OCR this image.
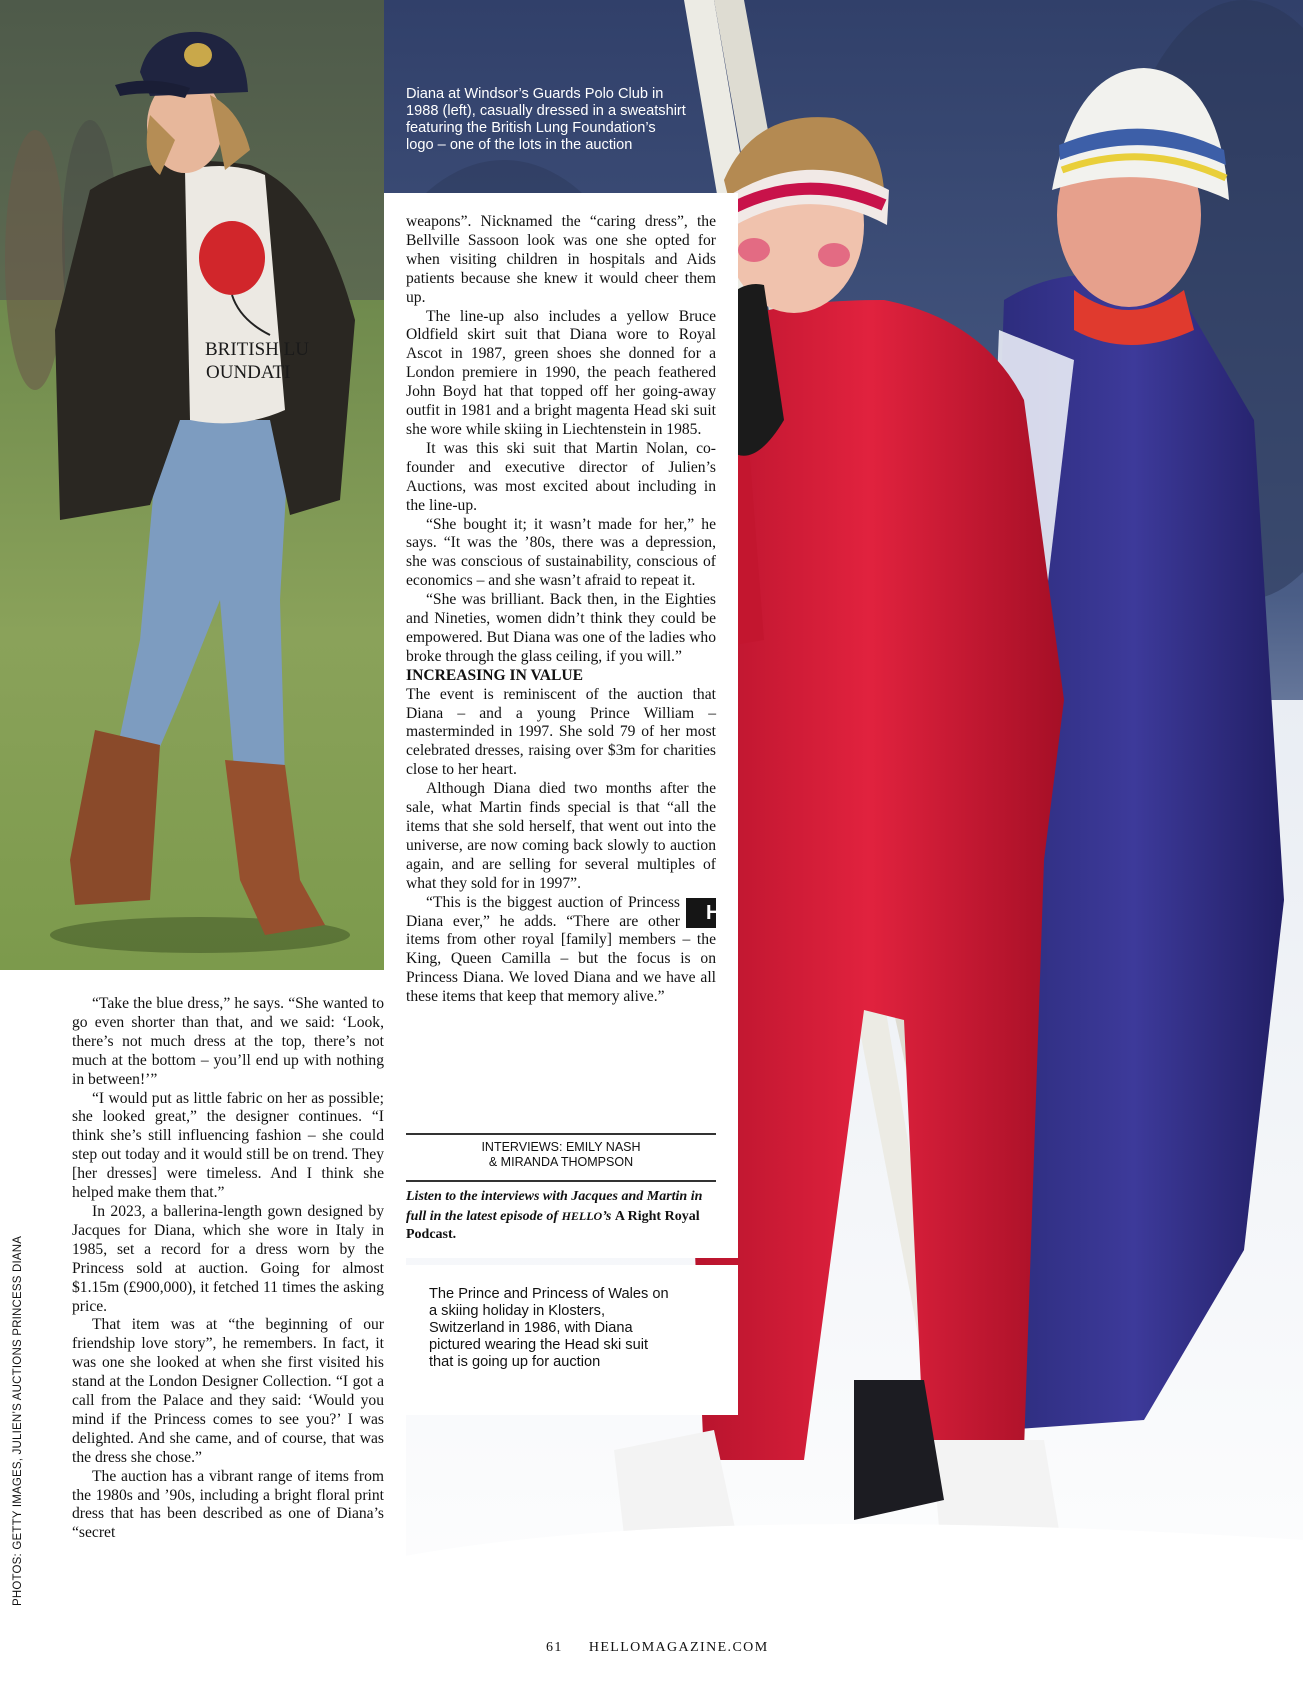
BRITISH LU
OUNDATI
Diana at Windsor’s Guards Polo Club in 1988 (left), casually dressed in a sweatshirt featuring the British Lung Foundation’s logo – one of the lots in the auction

weapons”. Nicknamed the “caring dress”, the Bellville Sassoon look was one she opted for when visiting children in hospitals and Aids patients because she knew it would cheer them up.

The line-up also includes a yellow Bruce Oldfield skirt suit that Diana wore to Royal Ascot in 1987, green shoes she donned for a London premiere in 1990, the peach feathered John Boyd hat that topped off her going-away outfit in 1981 and a bright magenta Head ski suit she wore while skiing in Liechtenstein in 1985.

It was this ski suit that Martin Nolan, co-founder and executive director of Julien’s Auctions, was most excited about including in the line-up.

“She bought it; it wasn’t made for her,” he says. “It was the ’80s, there was a depression, she was conscious of sustainability, conscious of economics – and she wasn’t afraid to repeat it.

“She was brilliant. Back then, in the Eighties and Nineties, women didn’t think they could be empowered. But Diana was one of the ladies who broke through the glass ceiling, if you will.”

INCREASING IN VALUE

The event is reminiscent of the auction that Diana – and a young Prince William – masterminded in 1997. She sold 79 of her most celebrated dresses, raising over $3m for charities close to her heart.

Although Diana died two months after the sale, what Martin finds special is that “all the items that she sold herself, that went out into the universe, are now coming back slowly to auction again, and are selling for several multiples of what they sold for in 1997”.

H
“This is the biggest auction of Princess Diana ever,” he adds. “There are other items from other royal [family] members – the King, Queen Camilla – but the focus is on Princess Diana. We loved Diana and we have all these items that keep that memory alive.”

INTERVIEWS: EMILY NASH
& MIRANDA THOMPSON
Listen to the interviews with Jacques and Martin in full in the latest episode of HELLO’s A Right Royal Podcast.
The Prince and Princess of Wales on a skiing holiday in Klosters, Switzerland in 1986, with Diana pictured wearing the Head ski suit that is going up for auction

“Take the blue dress,” he says. “She wanted to go even shorter than that, and we said: ‘Look, there’s not much dress at the top, there’s not much at the bottom – you’ll end up with nothing in between!’”

“I would put as little fabric on her as possible; she looked great,” the designer continues. “I think she’s still influencing fashion – she could step out today and it would still be on trend. They [her dresses] were timeless. And I think she helped make them that.”

In 2023, a ballerina-length gown designed by Jacques for Diana, which she wore in Italy in 1985, set a record for a dress worn by the Princess sold at auction. Going for almost $1.15m (£900,000), it fetched 11 times the asking price.

That item was at “the beginning of our friendship love story”, he remembers. In fact, it was one she looked at when she first visited his stand at the London Designer Collection. “I got a call from the Palace and they said: ‘Would you mind if the Princess comes to see you?’ I was delighted. And she came, and of course, that was the dress she chose.”

The auction has a vibrant range of items from the 1980s and ’90s, including a bright floral print dress that has been described as one of Diana’s “secret

PHOTOS: GETTY IMAGES, JULIEN’S AUCTIONS PRINCESS DIANA
61 HELLOMAGAZINE.COM
